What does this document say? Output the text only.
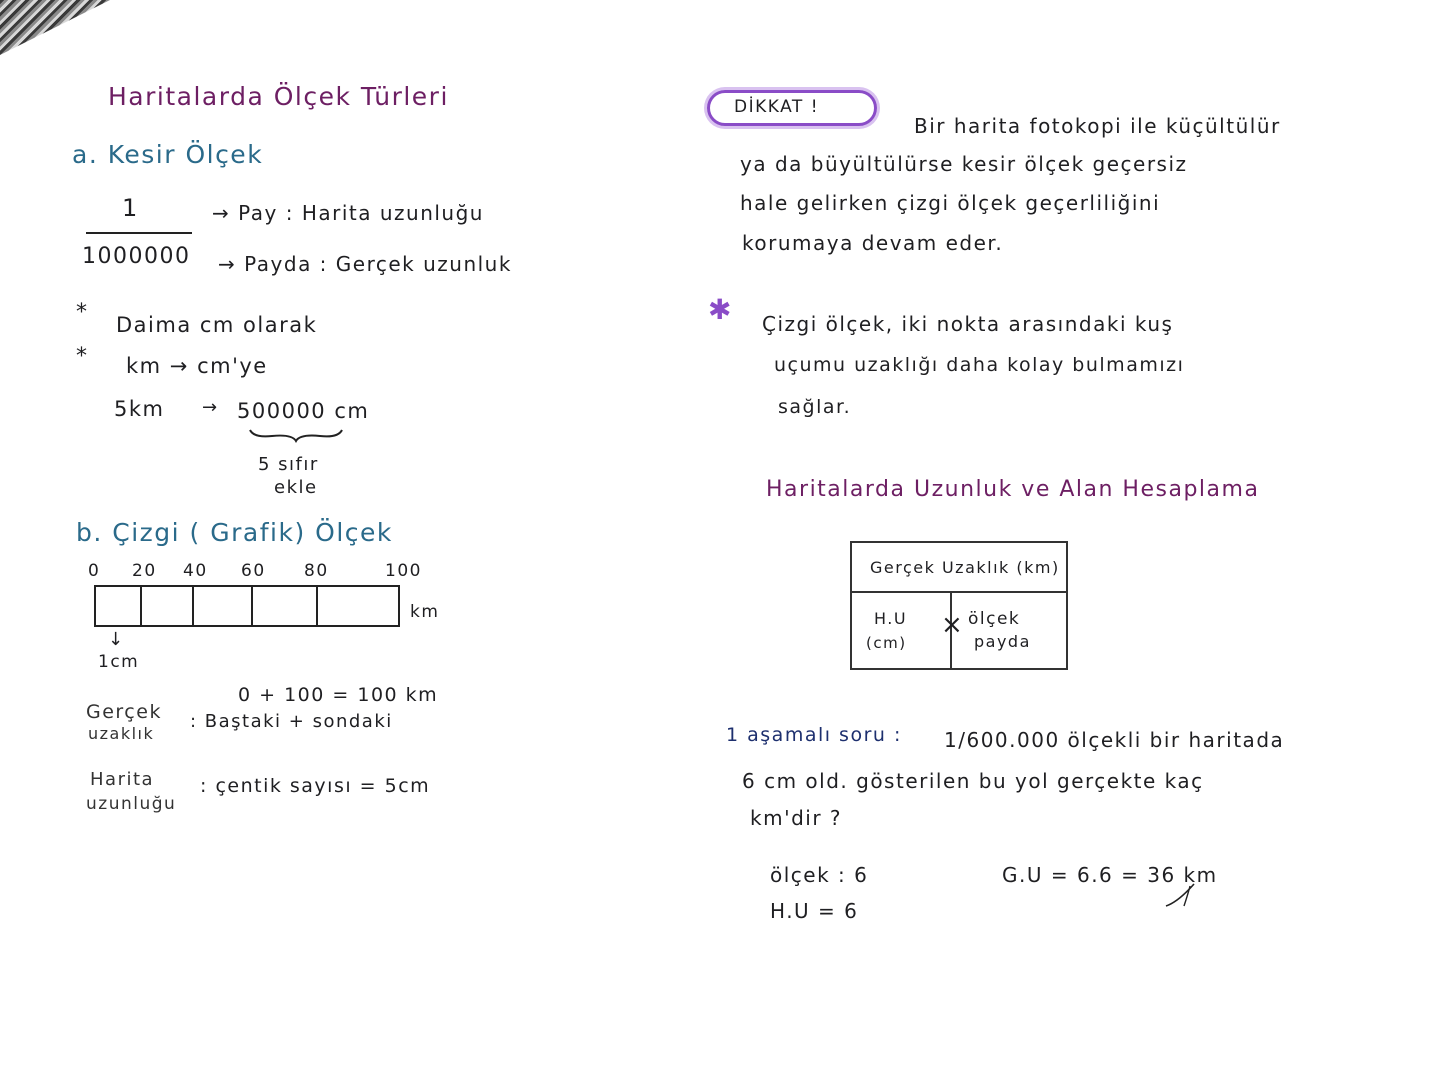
Haritalarda Ölçek Türleri
a. Kesir Ölçek
1
1000000
→ Pay : Harita uzunluğu
→ Payda : Gerçek uzunluk
* Daima cm olarak
* km → cm'ye
5km → 500000 cm
5 sıfır
ekle
b. Çizgi ( Grafik) Ölçek
0 20 40 60 80	100
km
↓
1cm
0 + 100 = 100 km
Gerçek
uzaklık
: Baştaki + sondaki
Harita
uzunluğu
: çentik sayısı = 5cm
DİKKAT !
Bir harita fotokopi ile küçültülür
ya da büyültülürse kesir ölçek geçersiz
hale gelirken çizgi ölçek geçerliliğini
korumaya devam eder.
✱ Çizgi ölçek, iki nokta arasındaki kuş
uçumu uzaklığı daha kolay bulmamızı
sağlar.
Haritalarda Uzunluk ve Alan Hesaplama
Gerçek Uzaklık (km)
H.U
(cm)
× ölçek
payda
1 aşamalı soru : 1/600.000 ölçekli bir haritada
6 cm old. gösterilen bu yol gerçekte kaç
km'dir ?
ölçek : 6
H.U = 6
G.U = 6.6 = 36 km
